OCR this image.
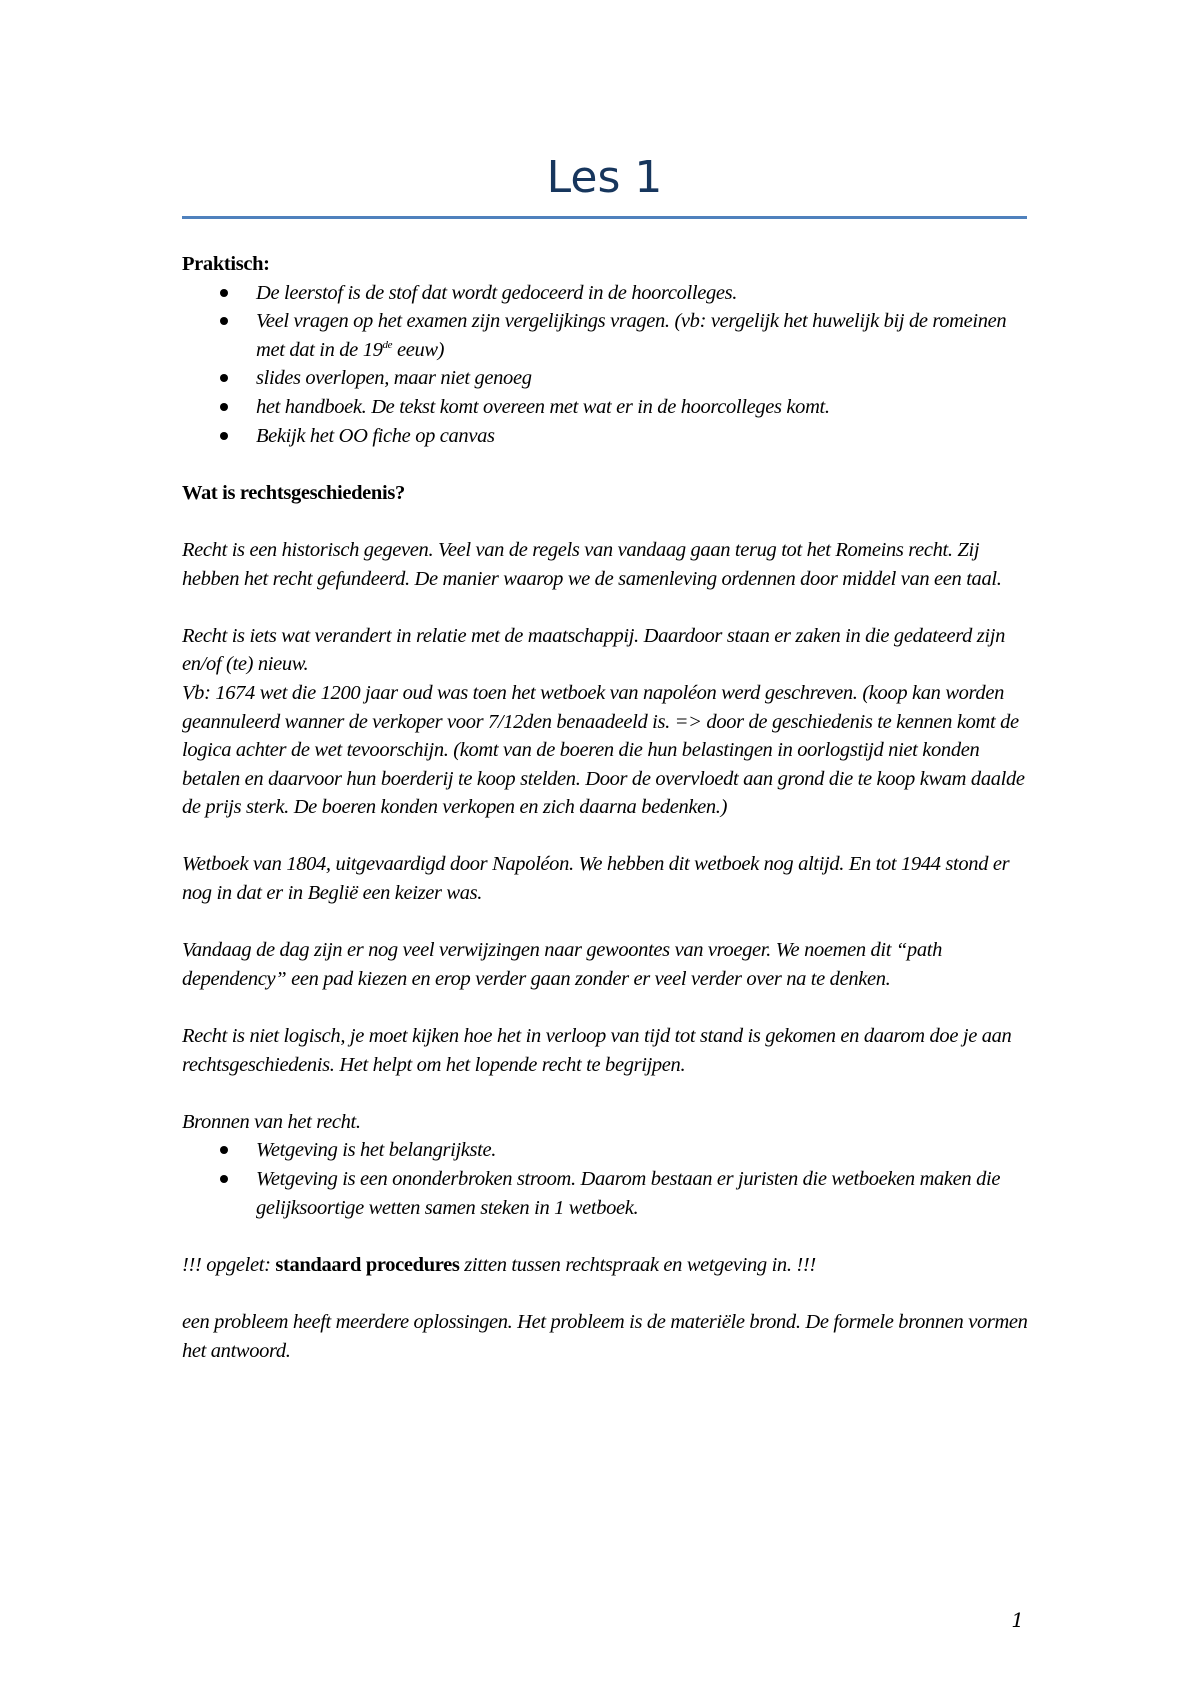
Les 1

Praktisch:

De leerstof is de stof dat wordt gedoceerd in de hoorcolleges.
Veel vragen op het examen zijn vergelijkings vragen. (vb: vergelijk het huwelijk bij de romeinen met dat in de 19de eeuw)
slides overlopen, maar niet genoeg
het handboek. De tekst komt overeen met wat er in de hoorcolleges komt.
Bekijk het OO fiche op canvas

Wat is rechtsgeschiedenis?

Recht is een historisch gegeven. Veel van de regels van vandaag gaan terug tot het Romeins recht. Zij hebben het recht gefundeerd. De manier waarop we de samenleving ordennen door middel van een taal.

Recht is iets wat verandert in relatie met de maatschappij. Daardoor staan er zaken in die gedateerd zijn en/of (te) nieuw.

Vb: 1674 wet die 1200 jaar oud was toen het wetboek van napoléon werd geschreven. (koop kan worden geannuleerd wanner de verkoper voor 7/12den benaadeeld is. => door de geschiedenis te kennen komt de logica achter de wet tevoorschijn. (komt van de boeren die hun belastingen in oorlogstijd niet konden betalen en daarvoor hun boerderij te koop stelden. Door de overvloedt aan grond die te koop kwam daalde de prijs sterk. De boeren konden verkopen en zich daarna bedenken.)

Wetboek van 1804, uitgevaardigd door Napoléon. We hebben dit wetboek nog altijd. En tot 1944 stond er nog in dat er in Beglië een keizer was.

Vandaag de dag zijn er nog veel verwijzingen naar gewoontes van vroeger. We noemen dit “path dependency” een pad kiezen en erop verder gaan zonder er veel verder over na te denken.

Recht is niet logisch, je moet kijken hoe het in verloop van tijd tot stand is gekomen en daarom doe je aan rechtsgeschiedenis. Het helpt om het lopende recht te begrijpen.

Bronnen van het recht.

Wetgeving is het belangrijkste.
Wetgeving is een ononderbroken stroom. Daarom bestaan er juristen die wetboeken maken die gelijksoortige wetten samen steken in 1 wetboek.

!!! opgelet: standaard procedures zitten tussen rechtspraak en wetgeving in. !!!

een probleem heeft meerdere oplossingen. Het probleem is de materiële brond. De formele bronnen vormen het antwoord.

1
